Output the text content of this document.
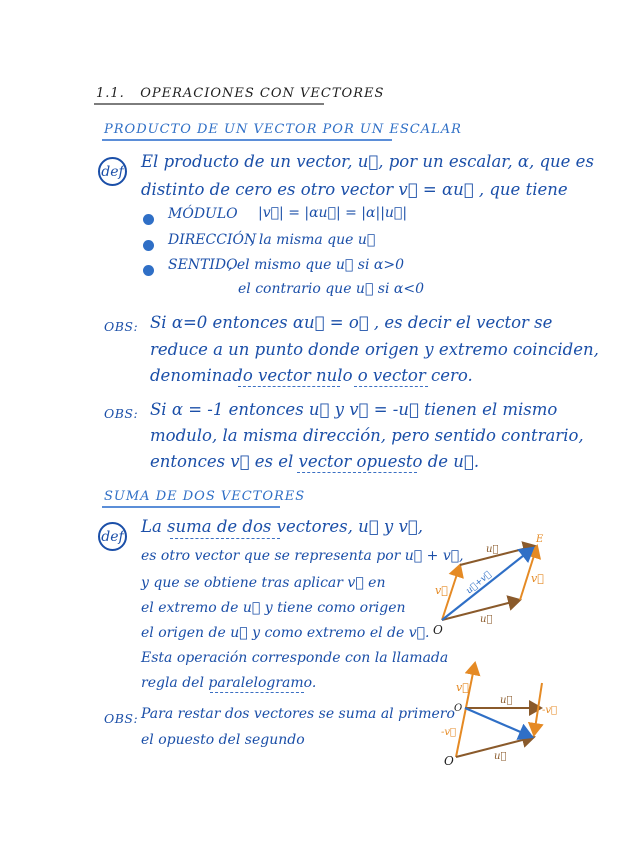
1.1. OPERACIONES CON VECTORES
PRODUCTO DE UN VECTOR POR UN ESCALAR
def
El producto de un vector, u⃗, por un escalar, α, que es
distinto de cero es otro vector v⃗ = αu⃗ , que tiene
MÓDULO |v⃗| = |αu⃗| = |α||u⃗|
DIRECCIÓN
, la misma que u⃗
SENTIDO
, el mismo que u⃗ si α>0
el contrario que u⃗ si α<0
OBS: Si α=0 entonces αu⃗ = o⃗ , es decir el vector se
reduce a un punto donde origen y extremo coinciden,
denominado vector nulo o vector cero.
OBS: Si α = -1 entonces u⃗ y v⃗ = -u⃗ tienen el mismo
modulo, la misma dirección, pero sentido contrario,
entonces v⃗ es el vector opuesto de u⃗.
SUMA DE DOS VECTORES
def
La suma de dos vectores, u⃗ y v⃗,
es otro vector que se representa por u⃗ + v⃗,
y que se obtiene tras aplicar v⃗ en
el extremo de u⃗ y tiene como origen
el origen de u⃗ y como extremo el de v⃗.
Esta operación corresponde con la llamada
regla del paralelogramo.
OBS: Para restar dos vectores se suma al primero
el opuesto del segundo
O
E
u⃗
u⃗
v⃗
v⃗
u⃗+v⃗
O
O
v⃗
u⃗
u⃗
-v⃗
-v⃗
